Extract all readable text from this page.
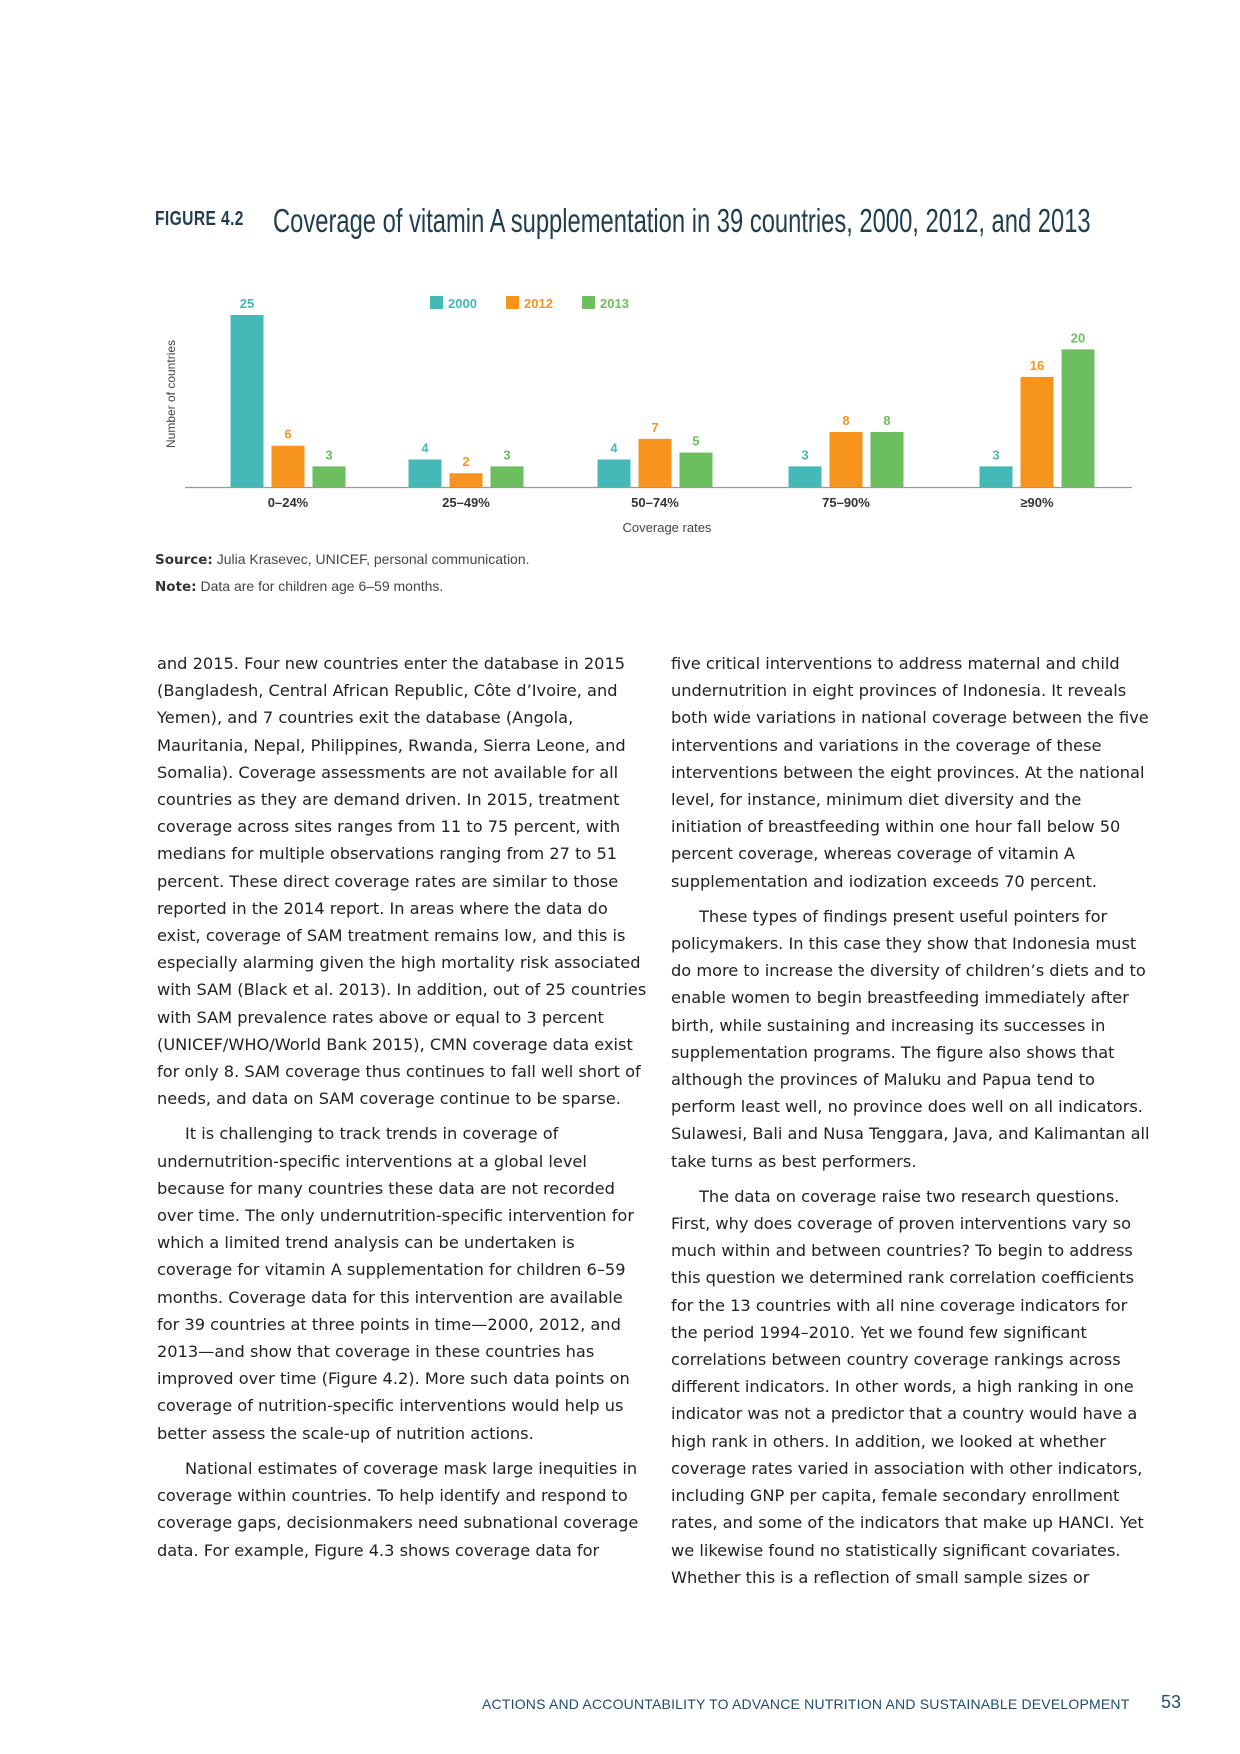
FIGURE 4.2 Coverage of vitamin A supplementation in 39 countries, 2000, 2012, and 2013
25
6
3
0–24%
4
2	3
25–49%
4
7
5
50–74%
3
8	8
75–90%
3
16
20
≥90%
Coverage rates
Number of countries
2000	2012	2013
Source: Julia Krasevec, UNICEF, personal communication.
Note: Data are for children age 6–59 months.

and 2015. Four new countries enter the database in 2015 (Bangladesh, Central African Republic, Côte d’Ivoire, and Yemen), and 7 countries exit the database (Angola, Mauritania, Nepal, Philippines, Rwanda, Sierra Leone, and Somalia). Coverage assessments are not available for all countries as they are demand driven. In 2015, treatment coverage across sites ranges from 11 to 75 percent, with medians for multiple observations ranging from 27 to 51 percent. These direct coverage rates are similar to those reported in the 2014 report. In areas where the data do exist, coverage of SAM treatment remains low, and this is especially alarming given the high mortality risk associated with SAM (Black et al. 2013). In addition, out of 25 countries with SAM prevalence rates above or equal to 3 percent (UNICEF/WHO/World Bank 2015), CMN coverage data exist for only 8. SAM coverage thus continues to fall well short of needs, and data on SAM coverage continue to be sparse.

It is challenging to track trends in coverage of undernutrition-specific interventions at a global level because for many countries these data are not recorded over time. The only undernutrition-specific intervention for which a limited trend analysis can be undertaken is coverage for vitamin A supplementation for children 6–59 months. Coverage data for this intervention are available for 39 countries at three points in time—2000, 2012, and 2013—and show that coverage in these countries has improved over time (Figure 4.2). More such data points on coverage of nutrition-specific interventions would help us better assess the scale-up of nutrition actions.

National estimates of coverage mask large inequities in coverage within countries. To help identify and respond to coverage gaps, decisionmakers need subnational coverage data. For example, Figure 4.3 shows coverage data for

five critical interventions to address maternal and child undernutrition in eight provinces of Indonesia. It reveals both wide variations in national coverage between the five interventions and variations in the coverage of these interventions between the eight provinces. At the national level, for instance, minimum diet diversity and the initiation of breastfeeding within one hour fall below 50 percent coverage, whereas coverage of vitamin A supplementation and iodization exceeds 70 percent.

These types of findings present useful pointers for policymakers. In this case they show that Indonesia must do more to increase the diversity of children’s diets and to enable women to begin breastfeeding immediately after birth, while sustaining and increasing its successes in supplementation programs. The figure also shows that although the provinces of Maluku and Papua tend to perform least well, no province does well on all indicators. Sulawesi, Bali and Nusa Tenggara, Java, and Kalimantan all take turns as best performers.

The data on coverage raise two research questions. First, why does coverage of proven interventions vary so much within and between countries? To begin to address this question we determined rank correlation coefficients for the 13 countries with all nine coverage indicators for the period 1994–2010. Yet we found few significant correlations between country coverage rankings across different indicators. In other words, a high ranking in one indicator was not a predictor that a country would have a high rank in others. In addition, we looked at whether coverage rates varied in association with other indicators, including GNP per capita, female secondary enrollment rates, and some of the indicators that make up HANCI. Yet we likewise found no statistically significant covariates. Whether this is a reflection of small sample sizes or

ACTIONS AND ACCOUNTABILITY TO ADVANCE NUTRITION AND SUSTAINABLE DEVELOPMENT 53
